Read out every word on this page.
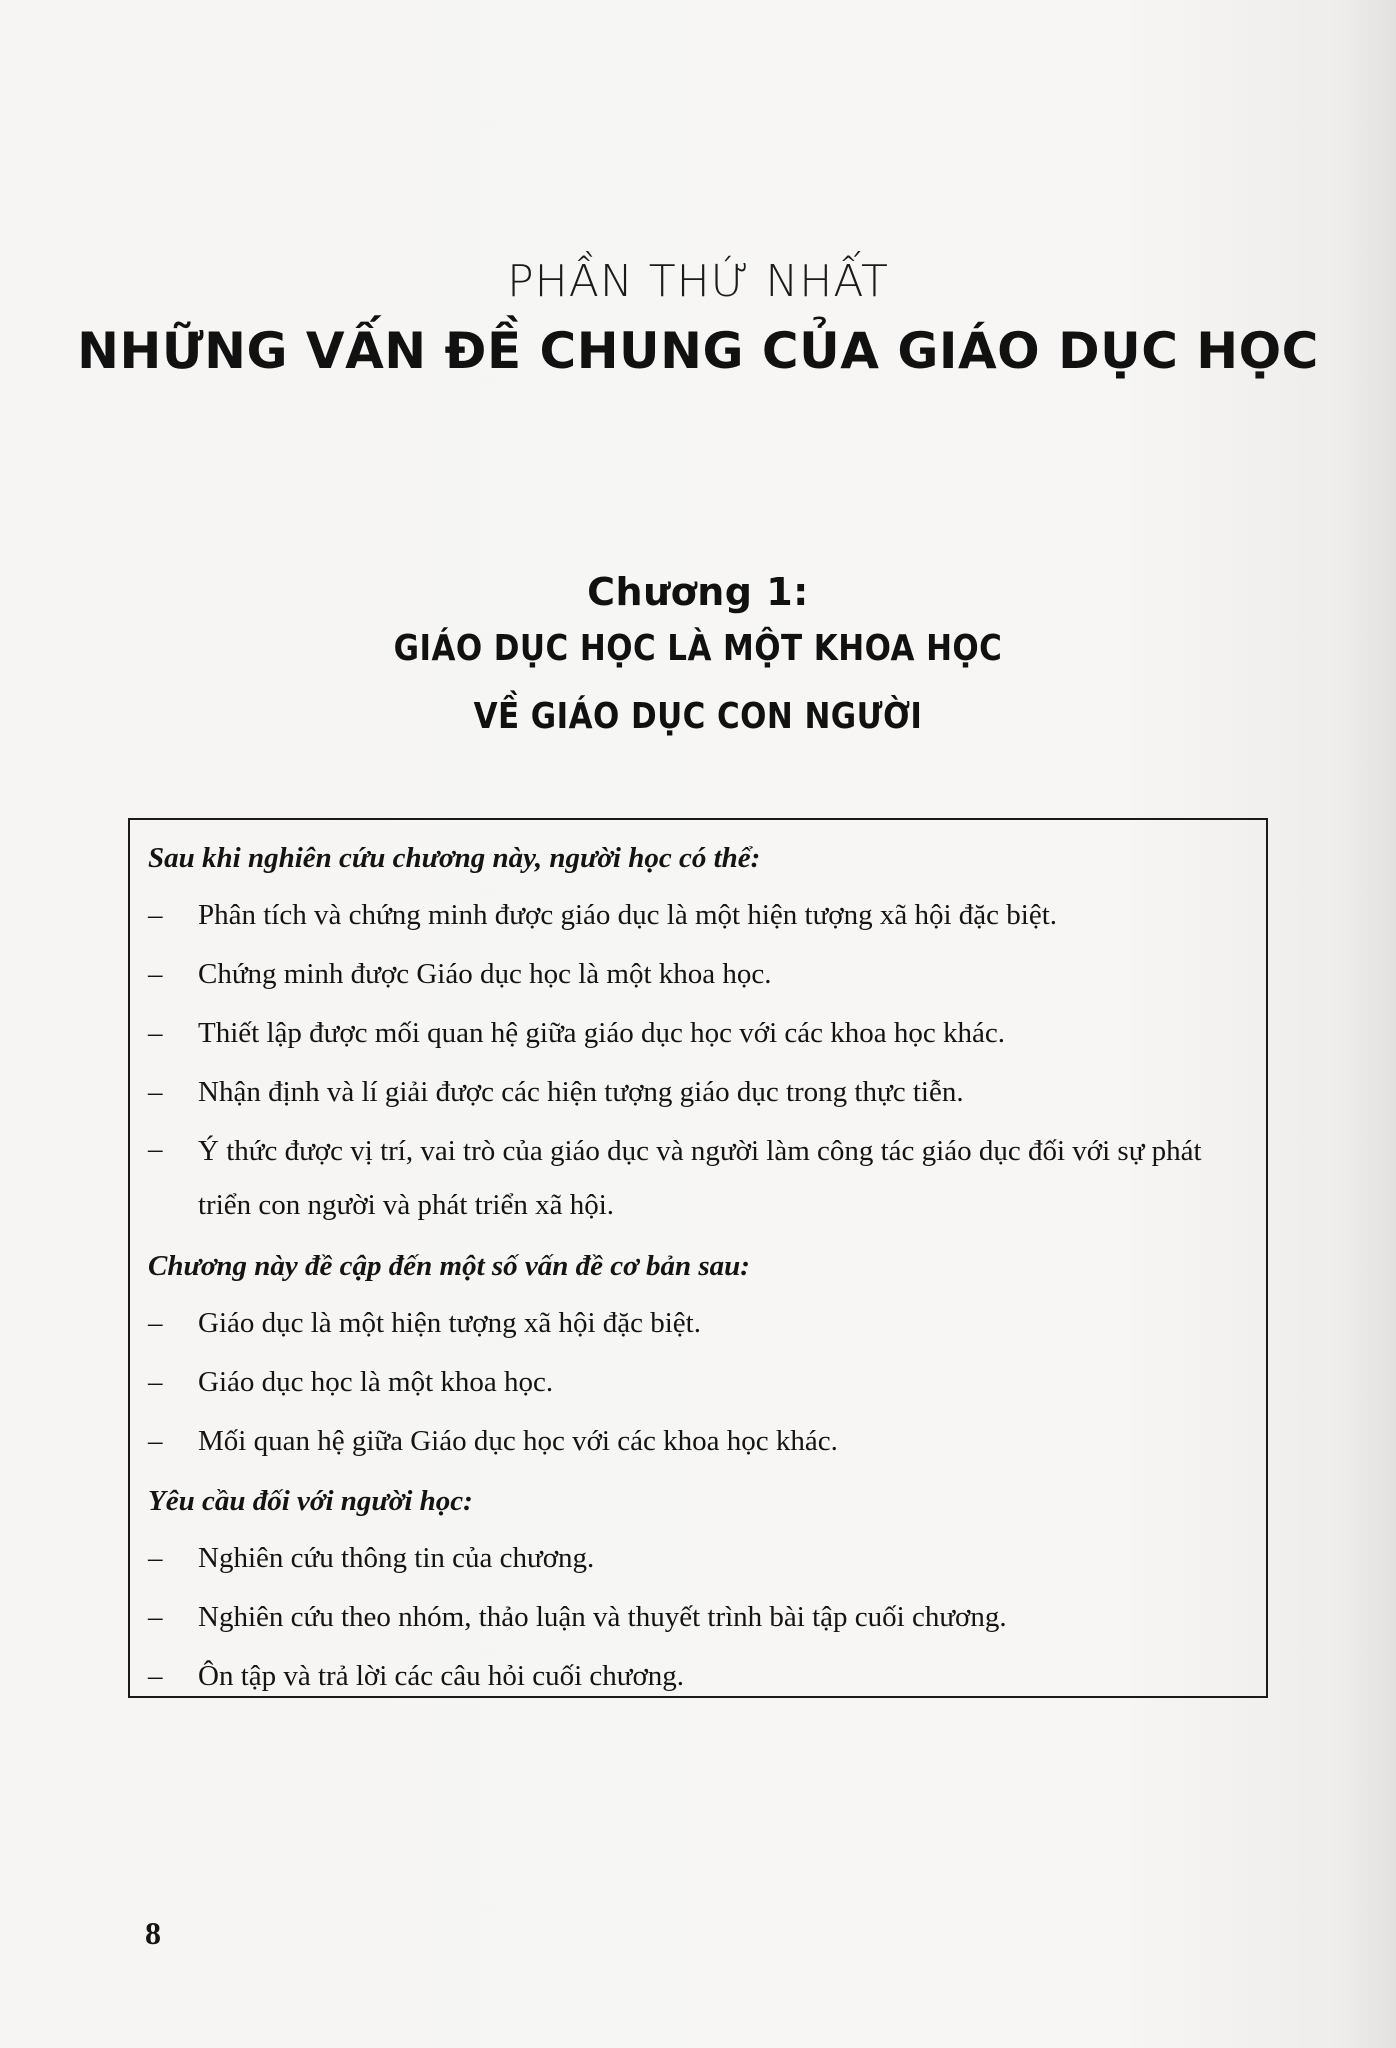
PHẦN THỨ NHẤT
NHỮNG VẤN ĐỀ CHUNG CỦA GIÁO DỤC HỌC
Chương 1:
GIÁO DỤC HỌC LÀ MỘT KHOA HỌC
VỀ GIÁO DỤC CON NGƯỜI

Sau khi nghiên cứu chương này, người học có thể:

– Phân tích và chứng minh được giáo dục là một hiện tượng xã hội đặc biệt.
– Chứng minh được Giáo dục học là một khoa học.
– Thiết lập được mối quan hệ giữa giáo dục học với các khoa học khác.
– Nhận định và lí giải được các hiện tượng giáo dục trong thực tiễn.
– Ý thức được vị trí, vai trò của giáo dục và người làm công tác giáo dục đối với sự phát triển con người và phát triển xã hội.

Chương này đề cập đến một số vấn đề cơ bản sau:

– Giáo dục là một hiện tượng xã hội đặc biệt.
– Giáo dục học là một khoa học.
– Mối quan hệ giữa Giáo dục học với các khoa học khác.

Yêu cầu đối với người học:

– Nghiên cứu thông tin của chương.
– Nghiên cứu theo nhóm, thảo luận và thuyết trình bài tập cuối chương.
– Ôn tập và trả lời các câu hỏi cuối chương.
8
